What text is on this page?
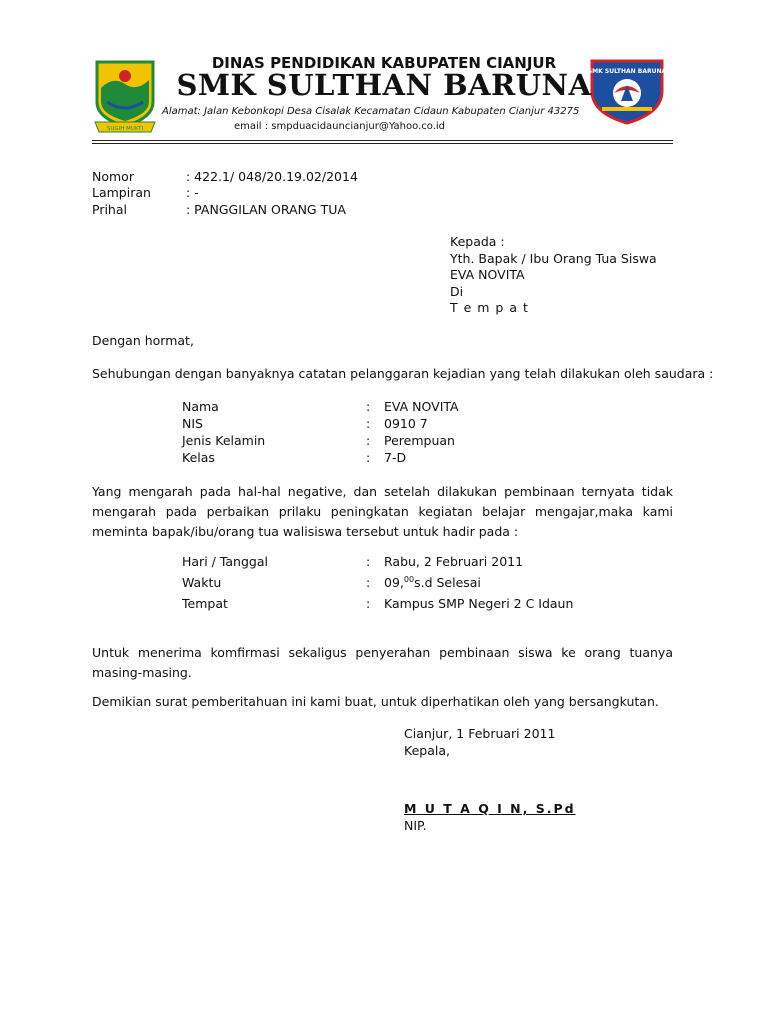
SUGIH MUKTI
SMK SULTHAN BARUNA
DINAS PENDIDIKAN KABUPATEN CIANJUR
SMK SULTHAN BARUNA
Alamat: Jalan Kebonkopi Desa Cisalak Kecamatan Cidaun Kabupaten Cianjur 43275
email : smpduacidauncianjur@Yahoo.co.id
Nomor	: 422.1/ 048/20.19.02/2014
Lampiran	: -
Prihal	: PANGGILAN ORANG TUA
Kepada :
Yth. Bapak / Ibu Orang Tua Siswa
EVA NOVITA
Di
T e m p a t
Dengan hormat,
Sehubungan dengan banyaknya catatan pelanggaran kejadian yang telah dilakukan oleh saudara :
Nama	: EVA NOVITA
NIS	: 0910 7
Jenis Kelamin	: Perempuan
Kelas	: 7-D
Yang mengarah pada hal-hal negative, dan setelah dilakukan pembinaan ternyata tidak mengarah pada perbaikan prilaku peningkatan kegiatan belajar mengajar,maka kami meminta bapak/ibu/orang tua walisiswa tersebut untuk hadir pada :
Hari / Tanggal	: Rabu, 2 Februari 2011
Waktu	: 09,00s.d Selesai
Tempat	: Kampus SMP Negeri 2 C Idaun
Untuk menerima komfirmasi sekaligus penyerahan pembinaan siswa ke orang tuanya masing-masing.
Demikian surat pemberitahuan ini kami buat, untuk diperhatikan oleh yang bersangkutan.
Cianjur, 1 Februari 2011
Kepala,
M U T A Q I N, S.Pd
NIP.
